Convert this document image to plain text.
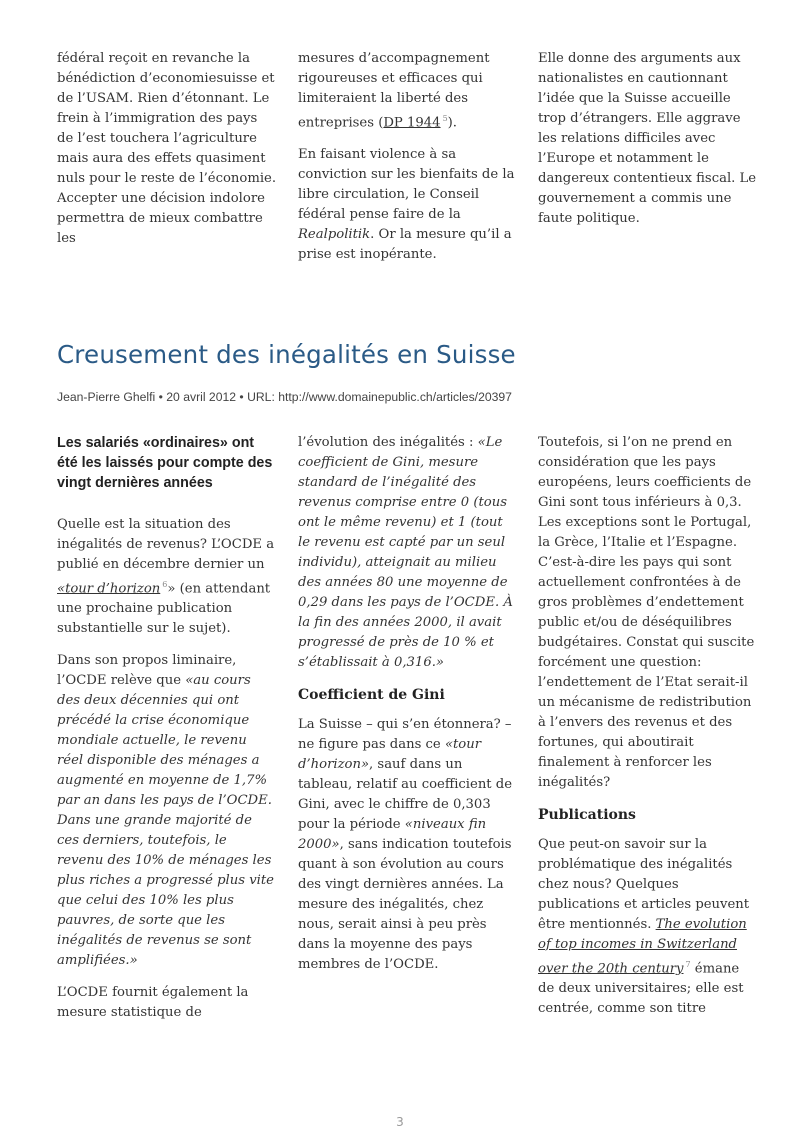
fédéral reçoit en revanche la bénédiction d’economiesuisse et de l’USAM. Rien d’étonnant. Le frein à l’immigration des pays de l’est touchera l’agriculture mais aura des effets quasiment nuls pour le reste de l’économie. Accepter une décision indolore permettra de mieux combattre les

mesures d’accompagnement rigoureuses et efficaces qui limiteraient la liberté des entreprises (DP 1944 $^5$).

En faisant violence à sa conviction sur les bienfaits de la libre circulation, le Conseil fédéral pense faire de la Realpolitik. Or la mesure qu’il a prise est inopérante.

Elle donne des arguments aux nationalistes en cautionnant l’idée que la Suisse accueille trop d’étrangers. Elle aggrave les relations difficiles avec l’Europe et notamment le dangereux contentieux fiscal. Le gouvernement a commis une faute politique.

Creusement des inégalités en Suisse
Jean-Pierre Ghelfi • 20 avril 2012 • URL: http://www.domainepublic.ch/articles/20397

Les salariés «ordinaires» ont été les laissés pour compte des vingt dernières années

Quelle est la situation des inégalités de revenus? L’OCDE a publié en décembre dernier un «tour d’horizon $^6$» (en attendant une prochaine publication substantielle sur le sujet).

Dans son propos liminaire, l’OCDE relève que «au cours des deux décennies qui ont précédé la crise économique mondiale actuelle, le revenu réel disponible des ménages a augmenté en moyenne de 1,7% par an dans les pays de l’OCDE. Dans une grande majorité de ces derniers, toutefois, le revenu des 10% de ménages les plus riches a progressé plus vite que celui des 10% les plus pauvres, de sorte que les inégalités de revenus se sont amplifiées.»

L’OCDE fournit également la mesure statistique de

l’évolution des inégalités : «Le coefficient de Gini, mesure standard de l’inégalité des revenus comprise entre 0 (tous ont le même revenu) et 1 (tout le revenu est capté par un seul individu), atteignait au milieu des années 80 une moyenne de 0,29 dans les pays de l’OCDE. À la fin des années 2000, il avait progressé de près de 10 % et s’établissait à 0,316.»

Coefficient de Gini

La Suisse – qui s’en étonnera? – ne figure pas dans ce «tour d’horizon», sauf dans un tableau, relatif au coefficient de Gini, avec le chiffre de 0,303 pour la période «niveaux fin 2000», sans indication toutefois quant à son évolution au cours des vingt dernières années. La mesure des inégalités, chez nous, serait ainsi à peu près dans la moyenne des pays membres de l’OCDE.

Toutefois, si l’on ne prend en considération que les pays européens, leurs coefficients de Gini sont tous inférieurs à 0,3. Les exceptions sont le Portugal, la Grèce, l’Italie et l’Espagne. C’est-à-dire les pays qui sont actuellement confrontées à de gros problèmes d’endettement public et/ou de déséquilibres budgétaires. Constat qui suscite forcément une question: l’endettement de l’Etat serait-il un mécanisme de redistribution à l’envers des revenus et des fortunes, qui aboutirait finalement à renforcer les inégalités?

Publications

Que peut-on savoir sur la problématique des inégalités chez nous? Quelques publications et articles peuvent être mentionnés. The evolution of top incomes in Switzerland over the 20th century $^7$ émane de deux universitaires; elle est centrée, comme son titre

3
